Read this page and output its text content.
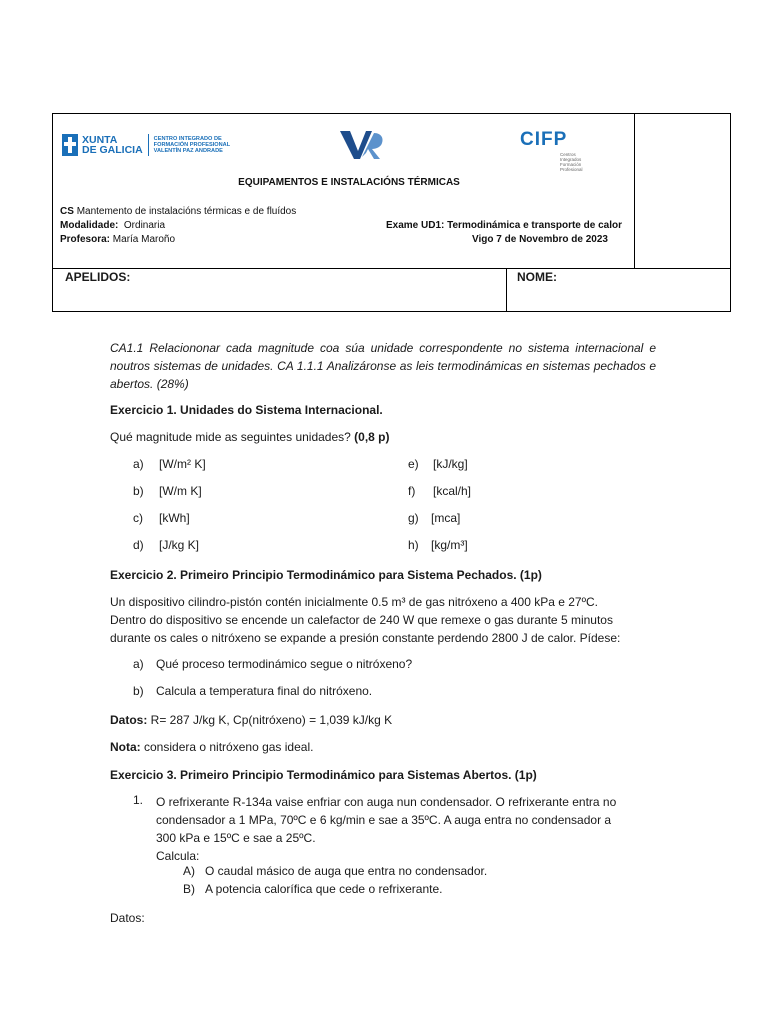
XUNTA
DE GALICIA
CENTRO INTEGRADO DE
FORMACIÓN PROFESIONAL
VALENTÍN PAZ ANDRADE
CIFP
Centros
Integrados
Formación Profesional
EQUIPAMENTOS E INSTALACIÓNS TÉRMICAS
CS Mantemento de instalacións térmicas e de fluídos
Modalidade: Ordinaria
Profesora: María Maroño
Exame UD1: Termodinámica e transporte de calor
Vigo 7 de Novembro de 2023
APELIDOS:	NOME:
CA1.1 Relaciononar cada magnitude coa súa unidade correspondente no sistema internacional e noutros sistemas de unidades. CA 1.1.1 Analizáronse as leis termodinámicas en sistemas pechados e abertos. (28%)
Exercicio 1. Unidades do Sistema Internacional.
Qué magnitude mide as seguintes unidades? (0,8 p)
a) [W/m² K]
b) [W/m K]
c) [kWh]
d) [J/kg K]
e) [kJ/kg]
f) [kcal/h]
g) [mca]
h) [kg/m³]
Exercicio 2. Primeiro Principio Termodinámico para Sistema Pechados. (1p)
Un dispositivo cilindro-pistón contén inicialmente 0.5 m³ de gas nitróxeno a 400 kPa e 27ºC.
Dentro do dispositivo se encende un calefactor de 240 W que remexe o gas durante 5 minutos
durante os cales o nitróxeno se expande a presión constante perdendo 2800 J de calor. Pídese:
a) Qué proceso termodinámico segue o nitróxeno?
b) Calcula a temperatura final do nitróxeno.
Datos: R= 287 J/kg K, Cp(nitróxeno) = 1,039 kJ/kg K
Nota: considera o nitróxeno gas ideal.
Exercicio 3. Primeiro Principio Termodinámico para Sistemas Abertos. (1p)
1. O refrixerante R-134a vaise enfriar con auga nun condensador. O refrixerante entra no
condensador a 1 MPa, 70ºC e 6 kg/min e sae a 35ºC. A auga entra no condensador a
300 kPa e 15ºC e sae a 25ºC.
Calcula:
A) O caudal másico de auga que entra no condensador.
B) A potencia calorífica que cede o refrixerante.
Datos:
